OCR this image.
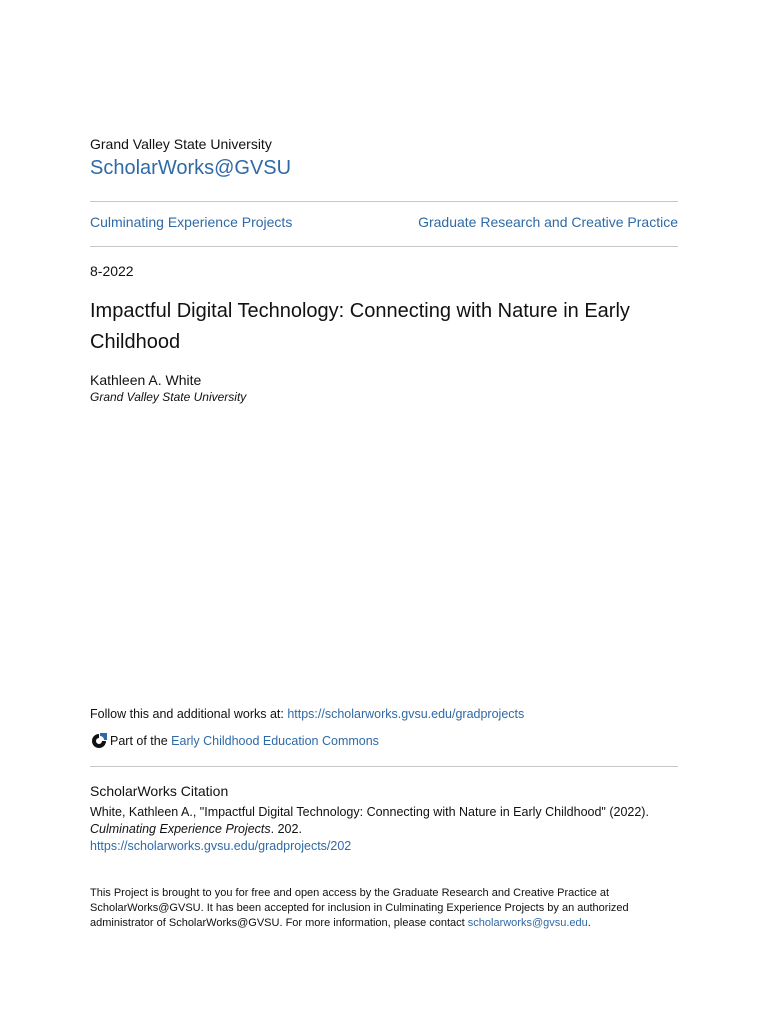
Grand Valley State University
ScholarWorks@GVSU
Culminating Experience Projects	Graduate Research and Creative Practice
8-2022
Impactful Digital Technology: Connecting with Nature in Early Childhood
Kathleen A. White
Grand Valley State University
Follow this and additional works at: https://scholarworks.gvsu.edu/gradprojects
Part of the
Early Childhood Education Commons
ScholarWorks Citation
White, Kathleen A., "Impactful Digital Technology: Connecting with Nature in Early Childhood" (2022).
Culminating Experience Projects. 202.
https://scholarworks.gvsu.edu/gradprojects/202
This Project is brought to you for free and open access by the Graduate Research and Creative Practice at ScholarWorks@GVSU. It has been accepted for inclusion in Culminating Experience Projects by an authorized administrator of ScholarWorks@GVSU. For more information, please contact scholarworks@gvsu.edu.
